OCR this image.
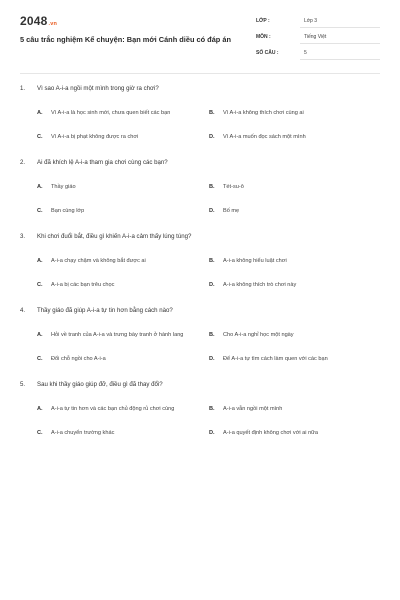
2048.vn
5 câu trắc nghiệm Kể chuyện: Bạn mới Cánh diều có đáp án
LỚP :	Lớp 3
MÔN :	Tiếng Việt
SỐ CÂU :	5
1.	Vì sao A-i-a ngồi một mình trong giờ ra chơi?
A.	Vì A-i-a là học sinh mới, chưa quen biết các bạn	B.	Vì A-i-a không thích chơi cùng ai
C.	Vì A-i-a bị phạt không được ra chơi	D.	Vì A-i-a muốn đọc sách một mình
2.	Ai đã khích lệ A-i-a tham gia chơi cùng các bạn?
A.	Thầy giáo	B.	Tét-su-ô
C.	Bạn cùng lớp	D.	Bố mẹ
3.	Khi chơi đuổi bắt, điều gì khiến A-i-a cảm thấy lúng túng?
A.	A-i-a chạy chậm và không bắt được ai	B.	A-i-a không hiểu luật chơi
C.	A-i-a bị các bạn trêu chọc	D.	A-i-a không thích trò chơi này
4.	Thầy giáo đã giúp A-i-a tự tin hơn bằng cách nào?
A.	Hỏi về tranh của A-i-a và trưng bày tranh ở hành lang	B.	Cho A-i-a nghỉ học một ngày
C.	Đổi chỗ ngồi cho A-i-a	D.	Để A-i-a tự tìm cách làm quen với các bạn
5.	Sau khi thầy giáo giúp đỡ, điều gì đã thay đổi?
A.	A-i-a tự tin hơn và các bạn chủ động rủ chơi cùng	B.	A-i-a vẫn ngồi một mình
C.	A-i-a chuyển trường khác	D.	A-i-a quyết định không chơi với ai nữa
